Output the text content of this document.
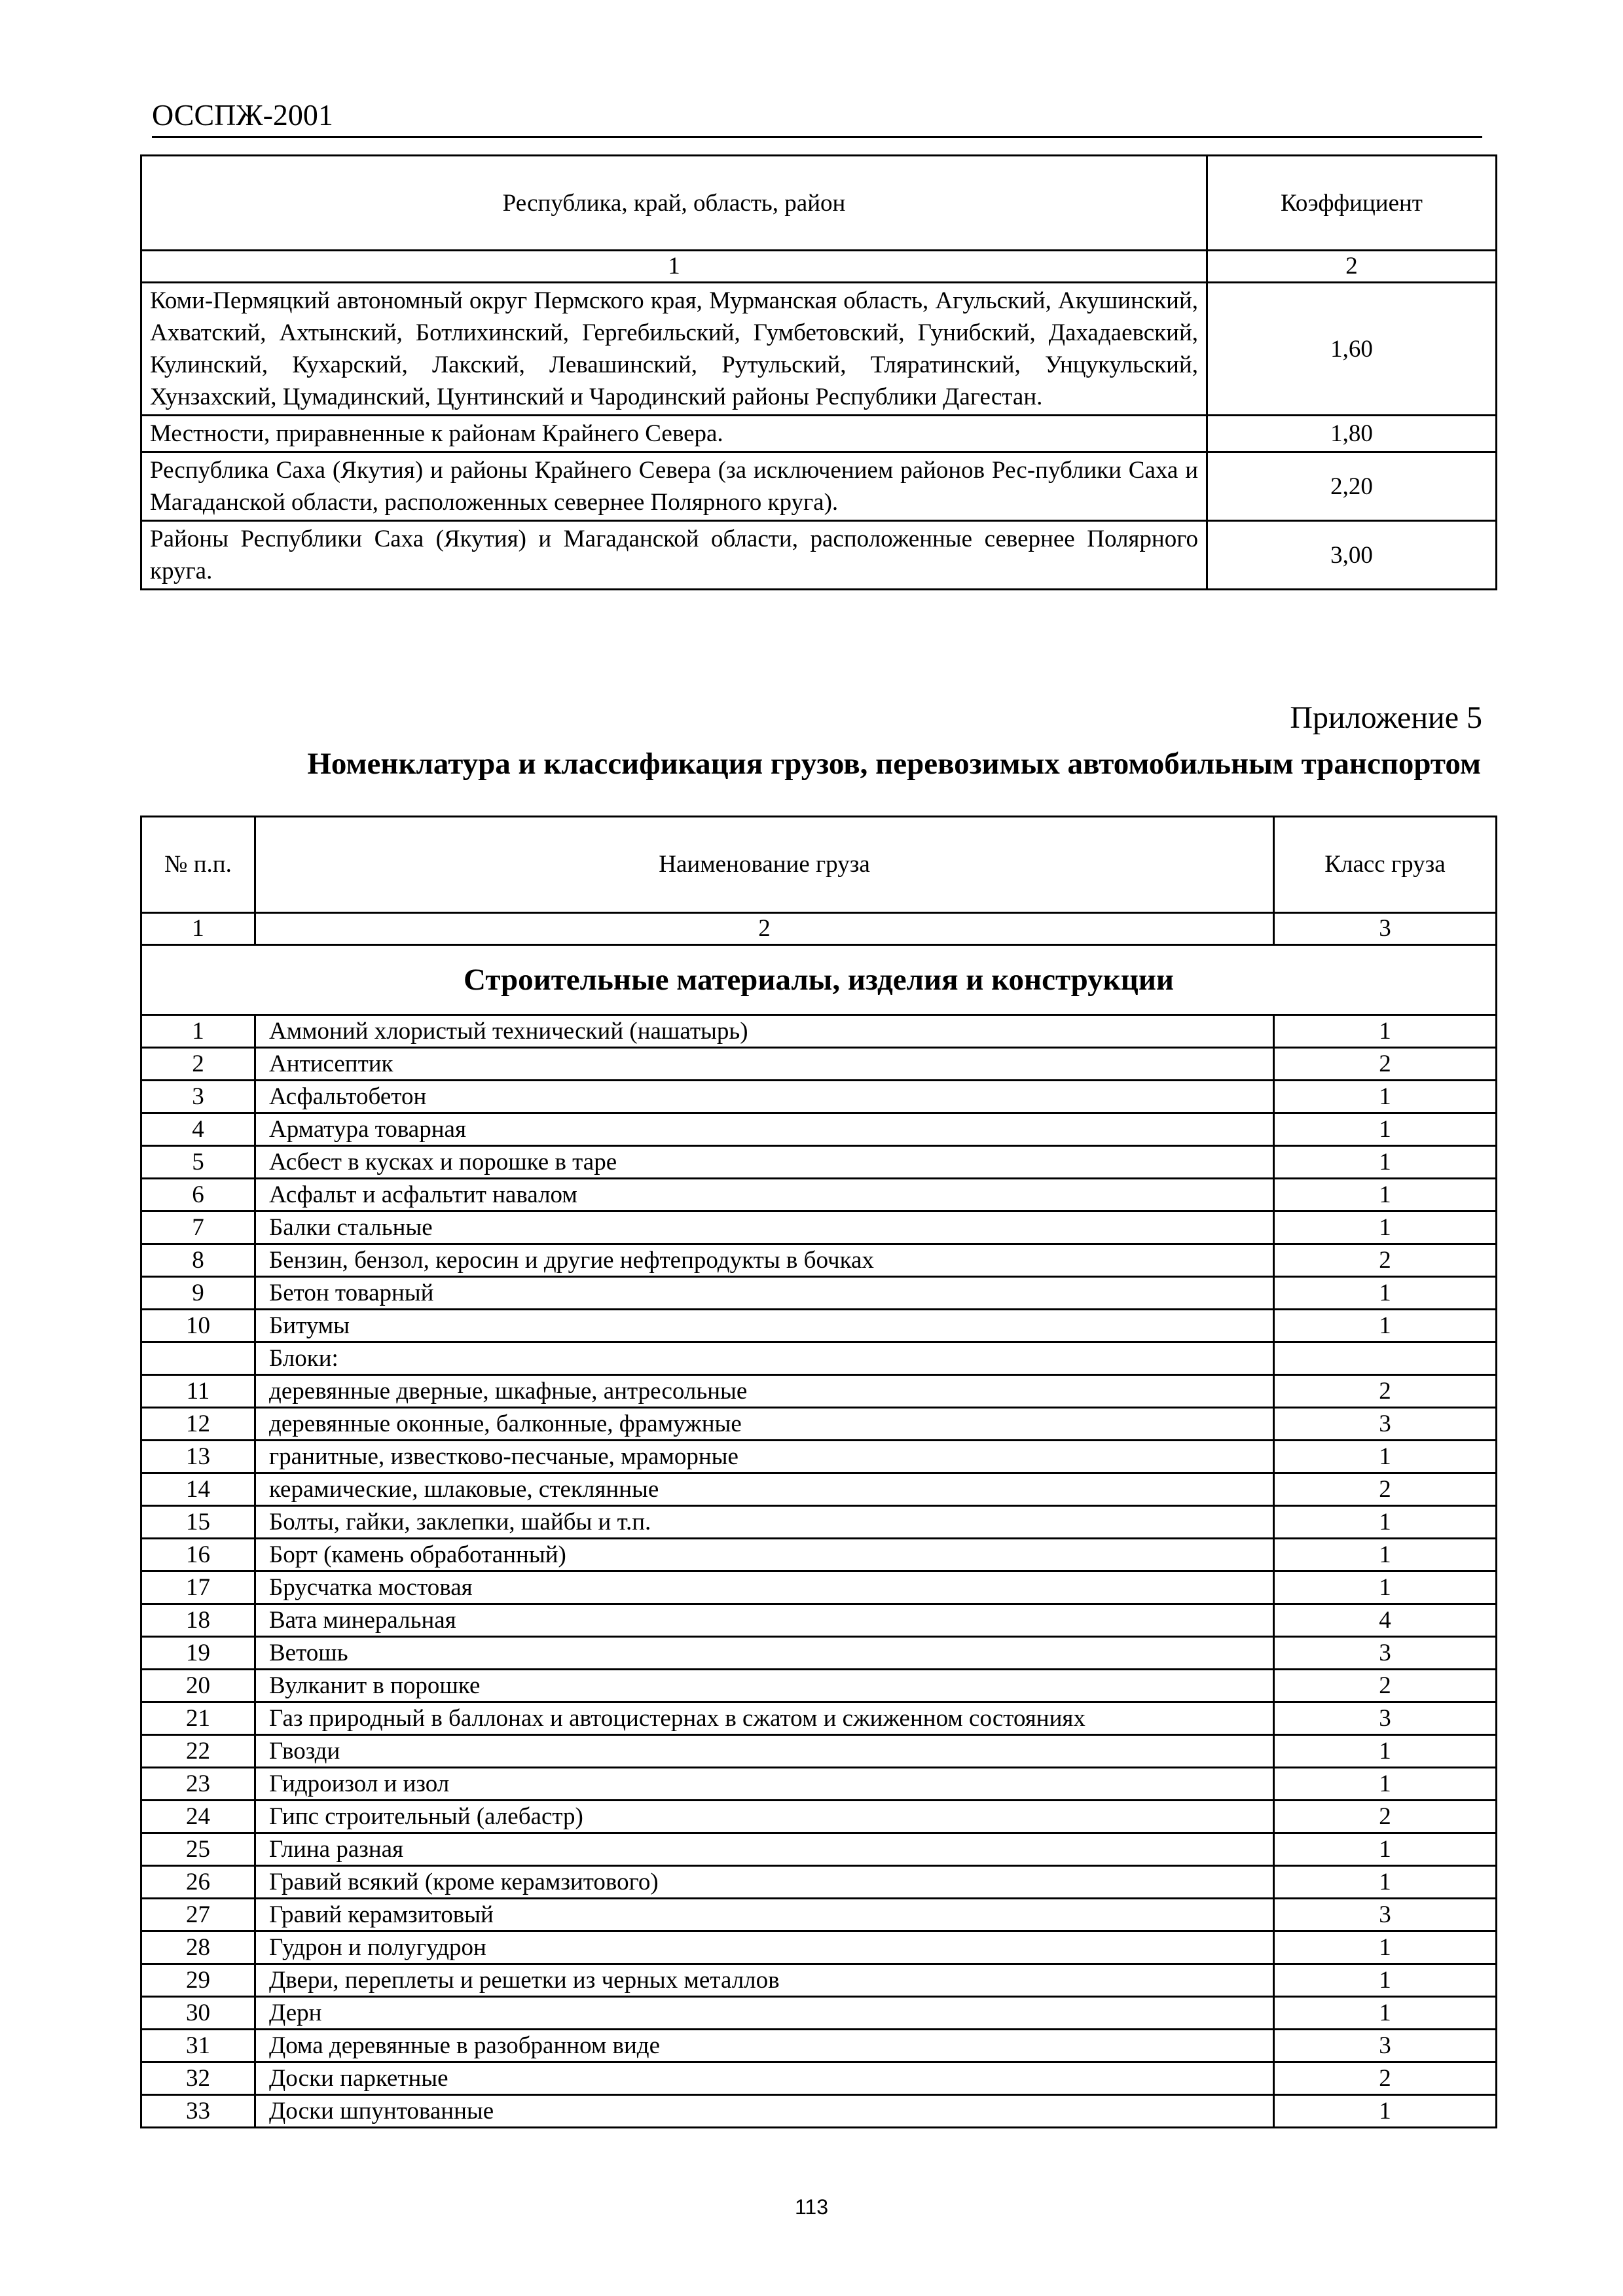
ОССПЖ-2001
Республика, край, область, район	Коэффициент
1	2
Коми-Пермяцкий автономный округ Пермского края, Мурманская область, Агульский, Акушинский, Ахватский, Ахтынский, Ботлихинский, Гергебильский, Гумбетовский, Гунибский, Дахадаевский, Кулинский, Кухарский, Лакский, Левашинский, Рутульский, Тляратинский, Унцукульский, Хунзахский, Цумадинский, Цунтинский и Чародинский районы Республики Дагестан.	1,60
Местности, приравненные к районам Крайнего Севера.	1,80
Республика Саха (Якутия) и районы Крайнего Севера (за исключением районов Рес-публики Саха и Магаданской области, расположенных севернее Полярного круга).	2,20
Районы Республики Саха (Якутия) и Магаданской области, расположенные севернее Полярного круга.	3,00
Приложение 5
Номенклатура и классификация грузов, перевозимых автомобильным транспортом
№ п.п.	Наименование груза	Класс груза
1	2	3
Строительные материалы, изделия и конструкции		
1	Аммоний хлористый технический (нашатырь)	1
2	Антисептик	2
3	Асфальтобетон	1
4	Арматура товарная	1
5	Асбест в кусках и порошке в таре	1
6	Асфальт и асфальтит навалом	1
7	Балки стальные	1
8	Бензин, бензол, керосин и другие нефтепродукты в бочках	2
9	Бетон товарный	1
10	Битумы	1
	Блоки:	
11	деревянные дверные, шкафные, антресольные	2
12	деревянные оконные, балконные, фрамужные	3
13	гранитные, известково-песчаные, мраморные	1
14	керамические, шлаковые, стеклянные	2
15	Болты, гайки, заклепки, шайбы и т.п.	1
16	Борт (камень обработанный)	1
17	Брусчатка мостовая	1
18	Вата минеральная	4
19	Ветошь	3
20	Вулканит в порошке	2
21	Газ природный в баллонах и автоцистернах в сжатом и сжиженном состояниях	3
22	Гвозди	1
23	Гидроизол и изол	1
24	Гипс строительный (алебастр)	2
25	Глина разная	1
26	Гравий всякий (кроме керамзитового)	1
27	Гравий керамзитовый	3
28	Гудрон и полугудрон	1
29	Двери, переплеты и решетки из черных металлов	1
30	Дерн	1
31	Дома деревянные в разобранном виде	3
32	Доски паркетные	2
33	Доски шпунтованные	1
113
